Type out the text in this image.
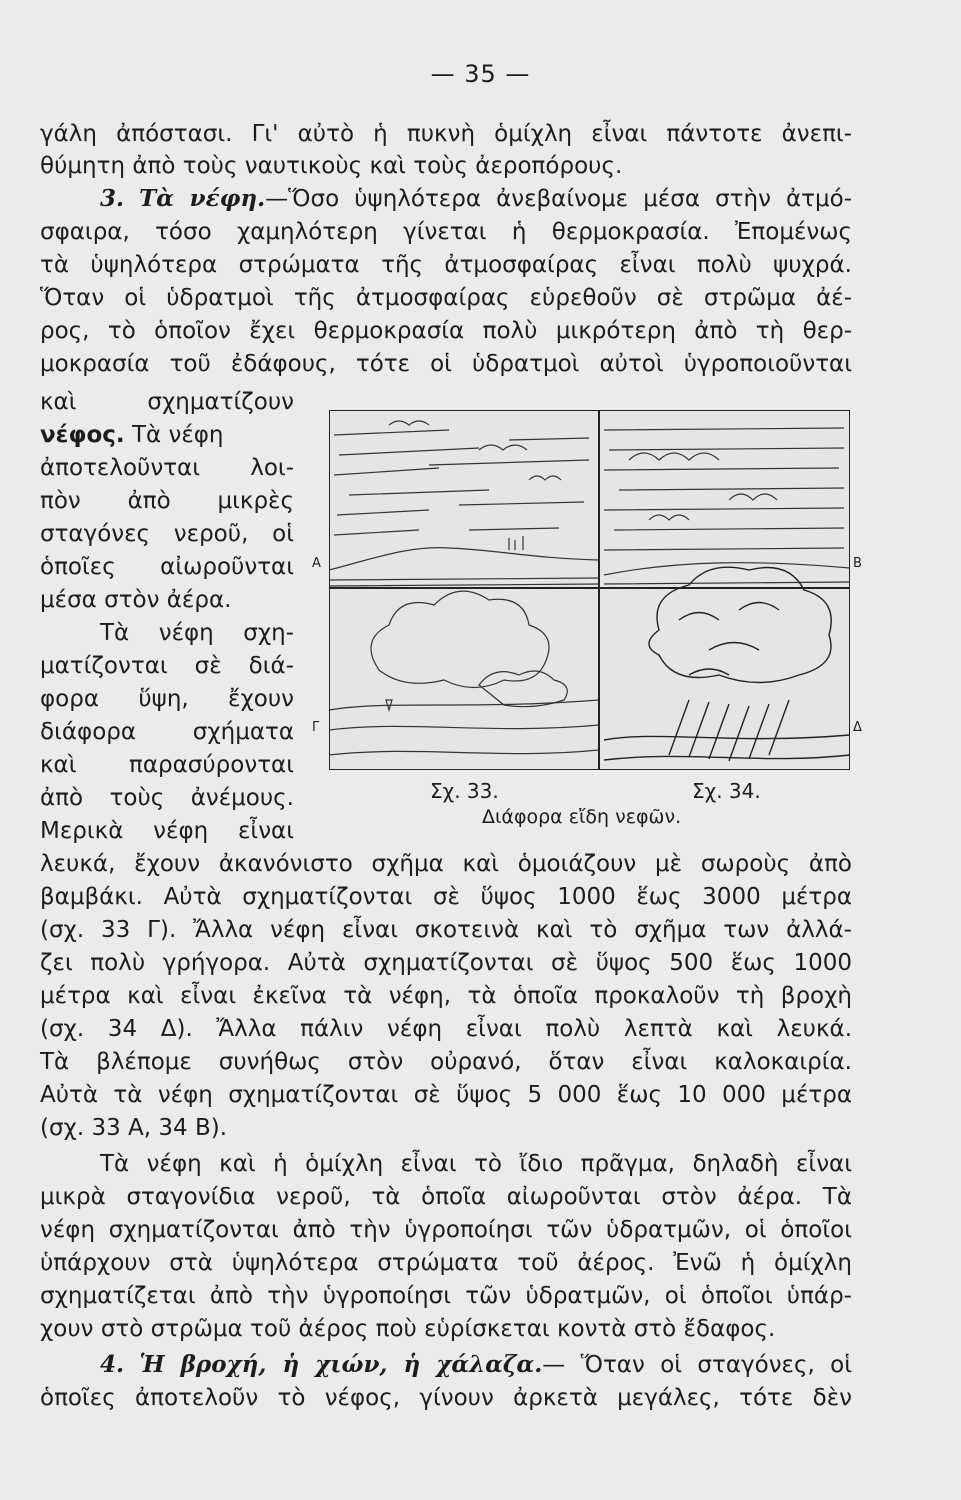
— 35 —

γάλη ἀπόστασι. Γι' αὐτὸ ἡ πυκνὴ ὁμίχλη εἶναι πάντοτε ἀνεπι-

θύμητη ἀπὸ τοὺς ναυτικοὺς καὶ τοὺς ἀεροπόρους.

3. Τὰ νέφη.—Ὅσο ὑψηλότερα ἀνεβαίνομε μέσα στὴν ἀτμό-

σφαιρα, τόσο χαμηλότερη γίνεται ἡ θερμοκρασία. Ἐπομένως

τὰ ὑψηλότερα στρώματα τῆς ἀτμοσφαίρας εἶναι πολὺ ψυχρά.

Ὅταν οἱ ὑδρατμοὶ τῆς ἀτμοσφαίρας εὑρεθοῦν σὲ στρῶμα ἀέ-

ρος, τὸ ὁποῖον ἔχει θερμοκρασία πολὺ μικρότερη ἀπὸ τὴ θερ-

μοκρασία τοῦ ἐδάφους, τότε οἱ ὑδρατμοὶ αὐτοὶ ὑγροποιοῦνται

καὶ σχηματίζουν

νέφος. Τὰ νέφη

ἀποτελοῦνται λοι-

πὸν ἀπὸ μικρὲς

σταγόνες νεροῦ, οἱ

ὁποῖες αἰωροῦνται

μέσα στὸν ἀέρα.

Τὰ νέφη σχη-

ματίζονται σὲ διά-

φορα ὕψη, ἔχουν

διάφορα σχήματα

καὶ παρασύρονται

ἀπὸ τοὺς ἀνέμους.

Μερικὰ νέφη εἶναι

Α	Β
Γ	Δ
Σχ. 33.	Σχ. 34.
Διάφορα εἴδη νεφῶν.

λευκά, ἔχουν ἀκανόνιστο σχῆμα καὶ ὁμοιάζουν μὲ σωροὺς ἀπὸ

βαμβάκι. Αὐτὰ σχηματίζονται σὲ ὕψος 1000 ἕως 3000 μέτρα

(σχ. 33 Γ). Ἄλλα νέφη εἶναι σκοτεινὰ καὶ τὸ σχῆμα των ἀλλά-

ζει πολὺ γρήγορα. Αὐτὰ σχηματίζονται σὲ ὕψος 500 ἕως 1000

μέτρα καὶ εἶναι ἐκεῖνα τὰ νέφη, τὰ ὁποῖα προκαλοῦν τὴ βροχὴ

(σχ. 34 Δ). Ἄλλα πάλιν νέφη εἶναι πολὺ λεπτὰ καὶ λευκά.

Τὰ βλέπομε συνήθως στὸν οὐρανό, ὅταν εἶναι καλοκαιρία.

Αὐτὰ τὰ νέφη σχηματίζονται σὲ ὕψος 5 000 ἕως 10 000 μέτρα

(σχ. 33 Α, 34 Β).

Τὰ νέφη καὶ ἡ ὁμίχλη εἶναι τὸ ἴδιο πρᾶγμα, δηλαδὴ εἶναι

μικρὰ σταγονίδια νεροῦ, τὰ ὁποῖα αἰωροῦνται στὸν ἀέρα. Τὰ

νέφη σχηματίζονται ἀπὸ τὴν ὑγροποίησι τῶν ὑδρατμῶν, οἱ ὁποῖοι

ὑπάρχουν στὰ ὑψηλότερα στρώματα τοῦ ἀέρος. Ἐνῶ ἡ ὁμίχλη

σχηματίζεται ἀπὸ τὴν ὑγροποίησι τῶν ὑδρατμῶν, οἱ ὁποῖοι ὑπάρ-

χουν στὸ στρῶμα τοῦ ἀέρος ποὺ εὑρίσκεται κοντὰ στὸ ἔδαφος.

4. Ἡ βροχή, ἡ χιών, ἡ χάλαζα.— Ὅταν οἱ σταγόνες, οἱ

ὁποῖες ἀποτελοῦν τὸ νέφος, γίνουν ἀρκετὰ μεγάλες, τότε δὲν
